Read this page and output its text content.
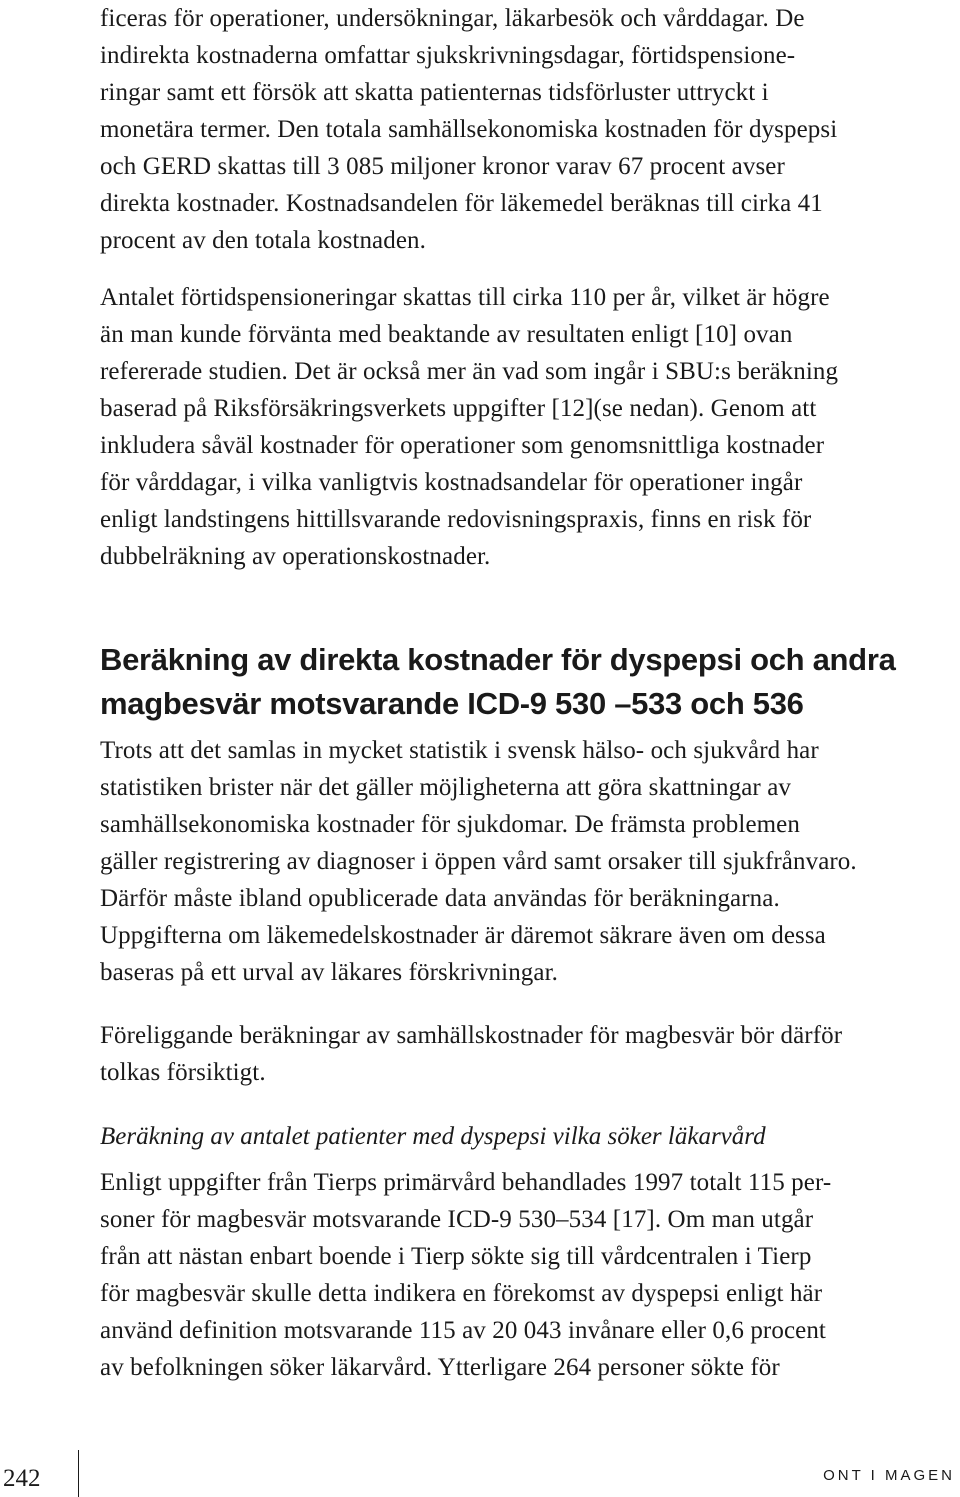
ficeras för operationer, undersökningar, läkarbesök och vårddagar. De
indirekta kostnaderna omfattar sjukskrivningsdagar, förtidspensione-
ringar samt ett försök att skatta patienternas tidsförluster uttryckt i
monetära termer. Den totala samhällsekonomiska kostnaden för dyspepsi
och GERD skattas till 3 085 miljoner kronor varav 67 procent avser
direkta kostnader. Kostnadsandelen för läkemedel beräknas till cirka 41
procent av den totala kostnaden.
Antalet förtidspensioneringar skattas till cirka 110 per år, vilket är högre
än man kunde förvänta med beaktande av resultaten enligt [10] ovan
refererade studien. Det är också mer än vad som ingår i SBU:s beräkning
baserad på Riksförsäkringsverkets uppgifter [12](se nedan). Genom att
inkludera såväl kostnader för operationer som genomsnittliga kostnader
för vårddagar, i vilka vanligtvis kostnadsandelar för operationer ingår
enligt landstingens hittillsvarande redovisningspraxis, finns en risk för
dubbelräkning av operationskostnader.
Beräkning av direkta kostnader för dyspepsi och andra
magbesvär motsvarande ICD-9 530 –533 och 536
Trots att det samlas in mycket statistik i svensk hälso- och sjukvård har
statistiken brister när det gäller möjligheterna att göra skattningar av
samhällsekonomiska kostnader för sjukdomar. De främsta problemen
gäller registrering av diagnoser i öppen vård samt orsaker till sjukfrånvaro.
Därför måste ibland opublicerade data användas för beräkningarna.
Uppgifterna om läkemedelskostnader är däremot säkrare även om dessa
baseras på ett urval av läkares förskrivningar.
Föreliggande beräkningar av samhällskostnader för magbesvär bör därför
tolkas försiktigt.
Beräkning av antalet patienter med dyspepsi vilka söker läkarvård
Enligt uppgifter från Tierps primärvård behandlades 1997 totalt 115 per-
soner för magbesvär motsvarande ICD-9 530–534 [17]. Om man utgår
från att nästan enbart boende i Tierp sökte sig till vårdcentralen i Tierp
för magbesvär skulle detta indikera en förekomst av dyspepsi enligt här
använd definition motsvarande 115 av 20 043 invånare eller 0,6 procent
av befolkningen söker läkarvård. Ytterligare 264 personer sökte för
242	ONT I MAGEN
